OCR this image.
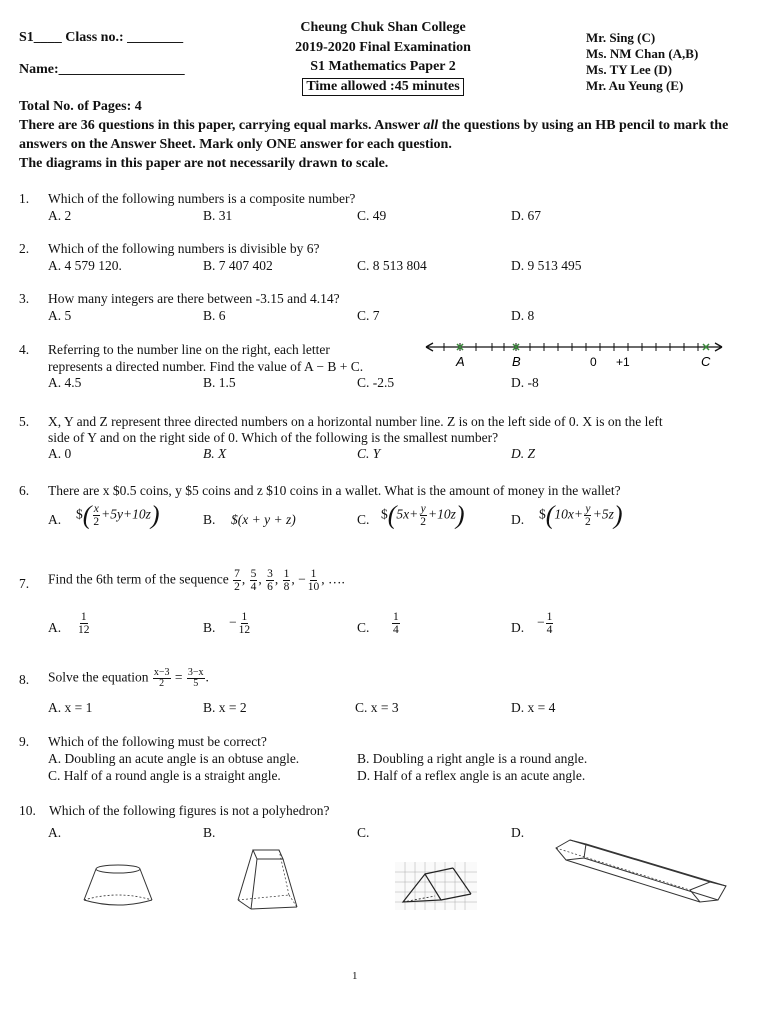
S1____ Class no.: ________
Name:__________________
Cheung Chuk Shan College
2019-2020 Final Examination
S1 Mathematics Paper 2
Time allowed :45 minutes
Mr. Sing (C)
Ms. NM Chan (A,B)
Ms. TY Lee (D)
Mr. Au Yeung (E)
Total No. of Pages: 4
There are 36 questions in this paper, carrying equal marks. Answer all the questions by using an HB pencil to mark the answers on the Answer Sheet. Mark only ONE answer for each question.
The diagrams in this paper are not necessarily drawn to scale.
1. Which of the following numbers is a composite number?
A. 2	B. 31	C. 49	D. 67
2. Which of the following numbers is divisible by 6?
A. 4 579 120.	B. 7 407 402	C. 8 513 804	D. 9 513 495
3. How many integers are there between -3.15 and 4.14?
A. 5	B. 6	C. 7	D. 8
4. Referring to the number line on the right, each letter
represents a directed number. Find the value of A − B + C.
A. 4.5	B. 1.5	C. -2.5	D. -8
A	B	0 +1	C
5. X, Y and Z represent three directed numbers on a horizontal number line. Z is on the left side of 0. X is on the left
side of Y and on the right side of 0. Which of the following is the smallest number?
A. 0	B. X	C. Y	D. Z
6. There are x $0.5 coins, y $5 coins and z $10 coins in a wallet. What is the amount of money in the wallet?
A. $( $\frac{x}{2} +5y+10z$)	B. $(x + y + z)	C. $(5x+ $\frac{y}{2} +10z$)	D. $(10x+ $\frac{y}{2} +5z$)
7. Find the 6th term of the sequence $\frac{7}{2}$ , $\frac{5}{4}$ , $\frac{3}{6}$ , $\frac{1}{8}$ , − $\frac{1}{10}$ , ….
A. $\frac{1}{12}$	B. − $\frac{1}{12}$	C. $\frac{1}{4}$	D. − $\frac{1}{4}$
8. Solve the equation $\frac{x-3}{2} = \frac{3-x}{5}$ .
A. x = 1	B. x = 2	C. x = 3	D. x = 4
9. Which of the following must be correct?
A. Doubling an acute angle is an obtuse angle.	B. Doubling a right angle is a round angle.
C. Half of a round angle is a straight angle.	D. Half of a reflex angle is an acute angle.
10. Which of the following figures is not a polyhedron?
A.	B.	C.	D.
1
